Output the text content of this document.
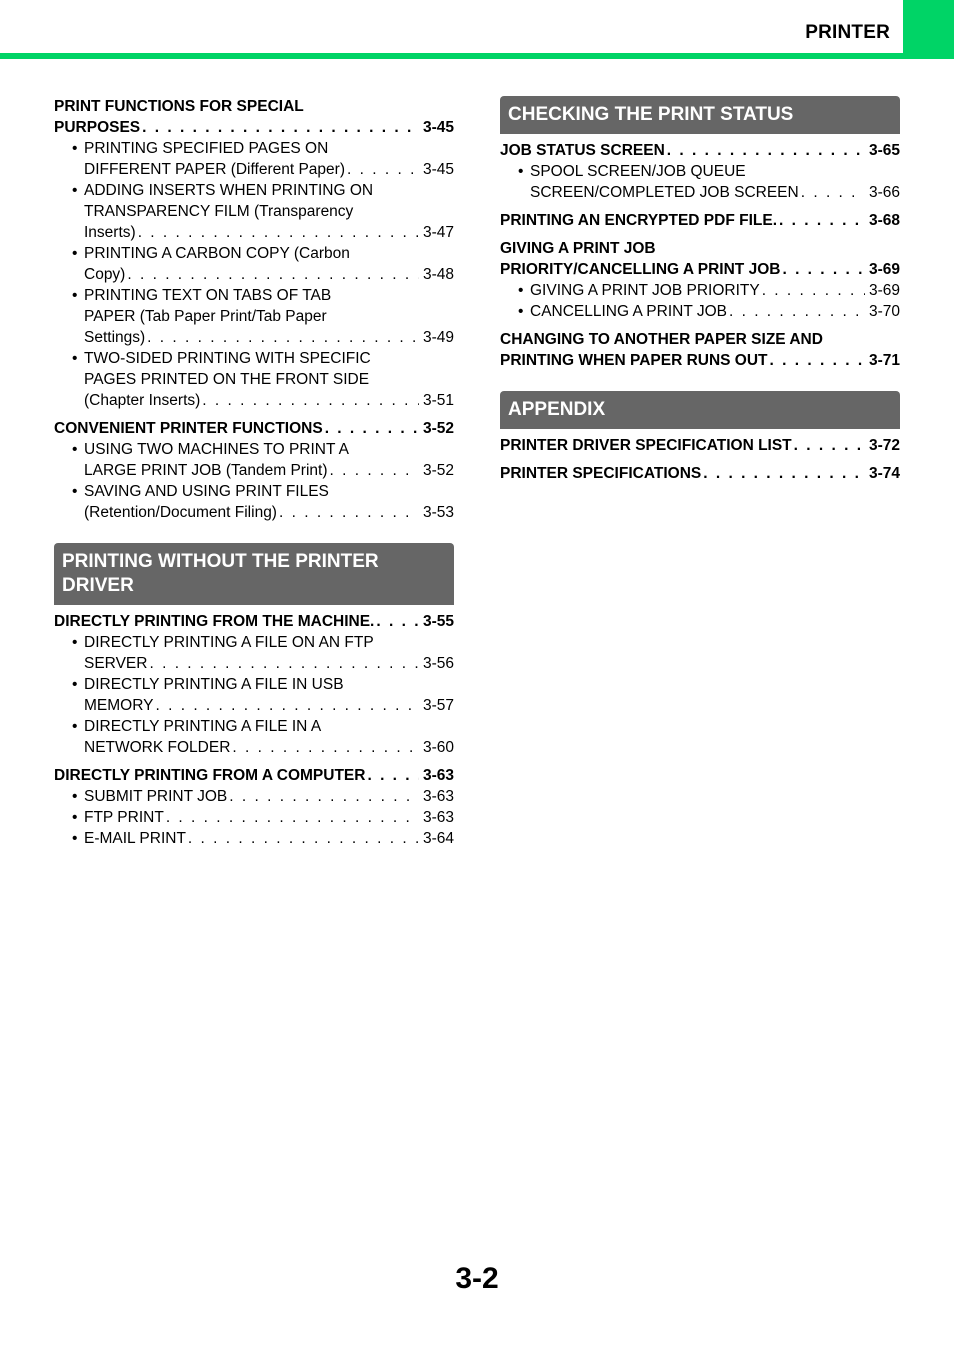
PRINTER
PRINT FUNCTIONS FOR SPECIAL
PURPOSES . . .	3-45
• PRINTING SPECIFIED PAGES ON
DIFFERENT PAPER (Different Paper) . . .	3-45
• ADDING INSERTS WHEN PRINTING ON
TRANSPARENCY FILM (Transparency
Inserts) . . .	3-47
• PRINTING A CARBON COPY (Carbon
Copy) . . .	3-48
• PRINTING TEXT ON TABS OF TAB
PAPER (Tab Paper Print/Tab Paper
Settings) . . .	3-49
• TWO-SIDED PRINTING WITH SPECIFIC
PAGES PRINTED ON THE FRONT SIDE
(Chapter Inserts) . . .	3-51
CONVENIENT PRINTER FUNCTIONS . . .	3-52
• USING TWO MACHINES TO PRINT A
LARGE PRINT JOB (Tandem Print) . . .	3-52
• SAVING AND USING PRINT FILES
(Retention/Document Filing) . . .	3-53
PRINTING WITHOUT THE PRINTER DRIVER
DIRECTLY PRINTING FROM THE MACHINE. . . .	3-55
• DIRECTLY PRINTING A FILE ON AN FTP
SERVER . . .	3-56
• DIRECTLY PRINTING A FILE IN USB
MEMORY . . .	3-57
• DIRECTLY PRINTING A FILE IN A
NETWORK FOLDER . . .	3-60
DIRECTLY PRINTING FROM A COMPUTER . . .	3-63
• SUBMIT PRINT JOB . . .	3-63
• FTP PRINT . . .	3-63
• E-MAIL PRINT . . .	3-64
CHECKING THE PRINT STATUS
JOB STATUS SCREEN . . .	3-65
• SPOOL SCREEN/JOB QUEUE
SCREEN/COMPLETED JOB SCREEN . . .	3-66
PRINTING AN ENCRYPTED PDF FILE. . . .	3-68
GIVING A PRINT JOB
PRIORITY/CANCELLING A PRINT JOB . . .	3-69
• GIVING A PRINT JOB PRIORITY . . .	3-69
• CANCELLING A PRINT JOB . . .	3-70
CHANGING TO ANOTHER PAPER SIZE AND
PRINTING WHEN PAPER RUNS OUT . . .	3-71
APPENDIX
PRINTER DRIVER SPECIFICATION LIST . . .	3-72
PRINTER SPECIFICATIONS . . .	3-74
3-2
